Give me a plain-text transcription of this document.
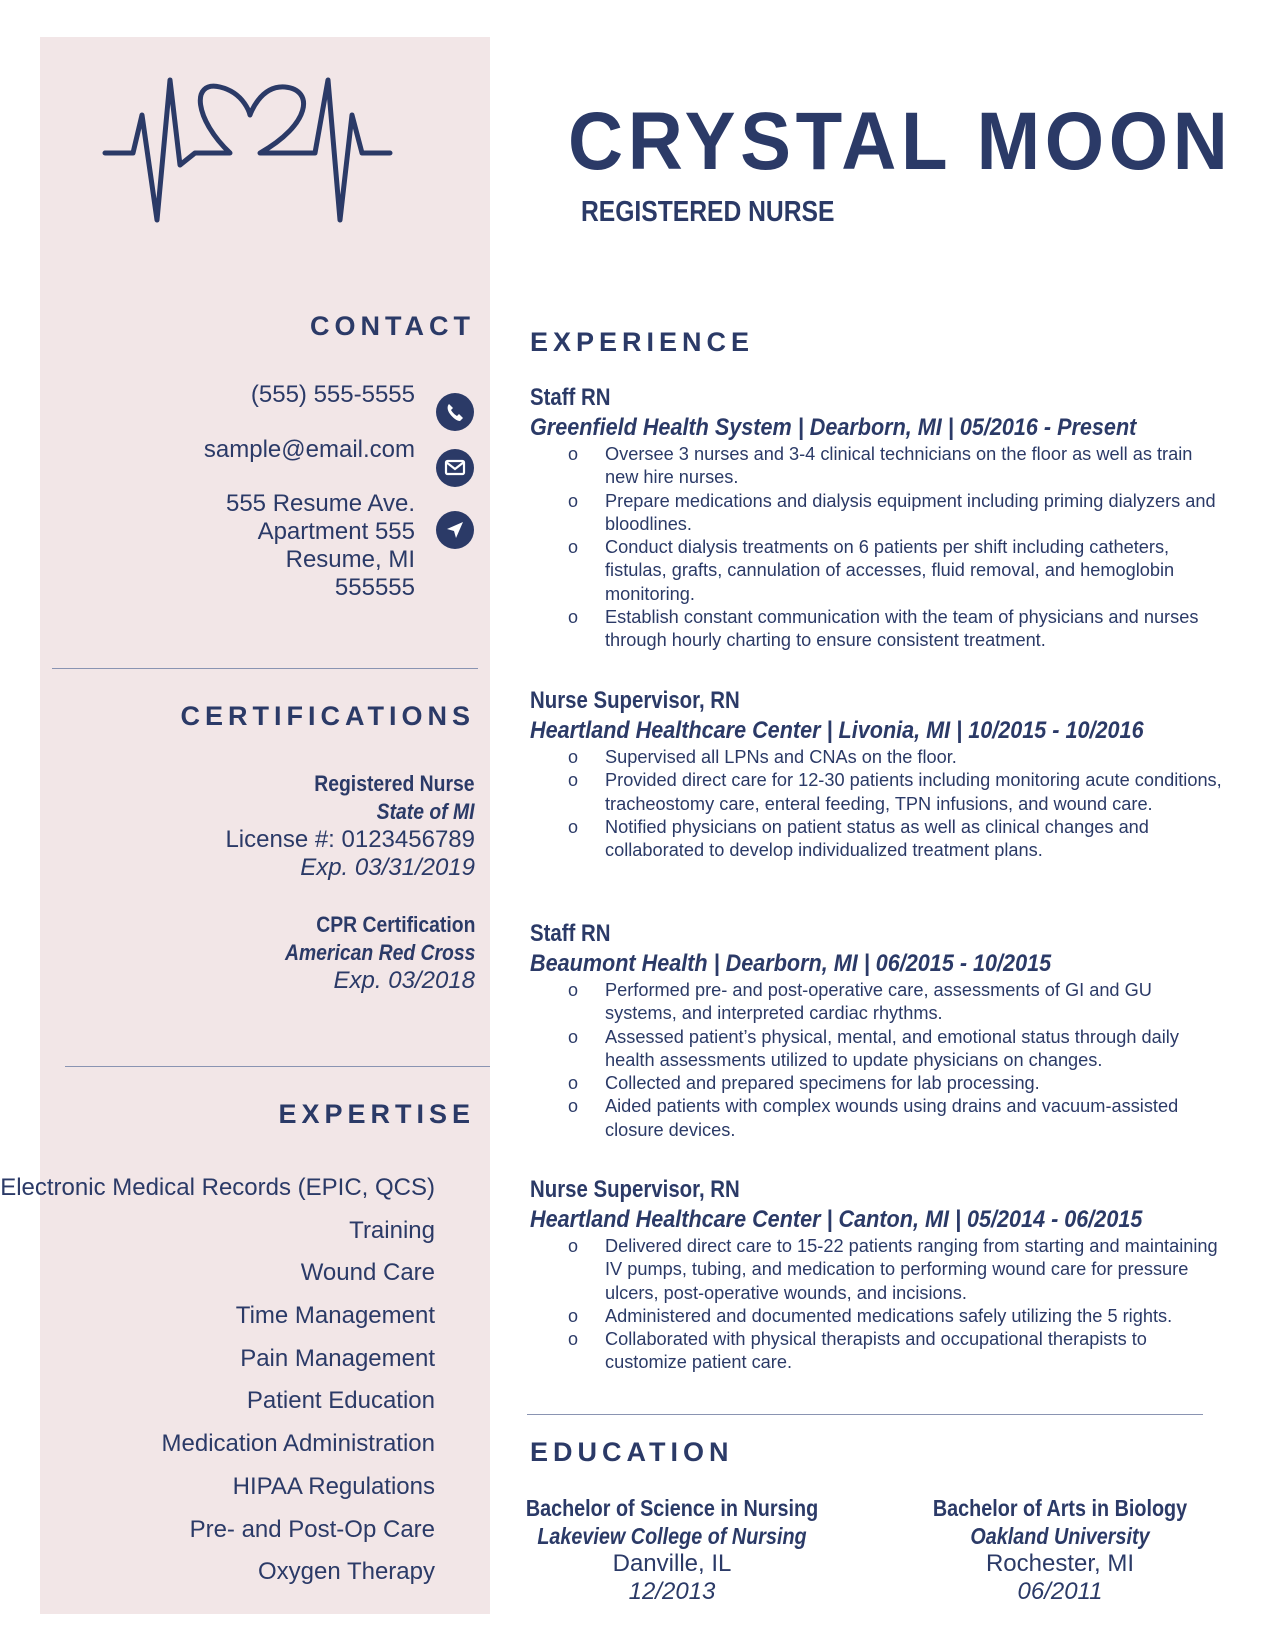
CONTACT
(555) 555-5555
sample@email.com
555 Resume Ave.
Apartment 555
Resume, MI
555555
CERTIFICATIONS
Registered Nurse
State of MI
License #: 0123456789
Exp. 03/31/2019
CPR Certification
American Red Cross
Exp. 03/2018
EXPERTISE
Electronic Medical Records (EPIC, QCS)
Training
Wound Care
Time Management
Pain Management
Patient Education
Medication Administration
HIPAA Regulations
Pre- and Post-Op Care
Oxygen Therapy
CRYSTAL MOON
REGISTERED NURSE
EXPERIENCE
Staff RN
Greenfield Health System | Dearborn, MI | 05/2016 - Present
o Oversee 3 nurses and 3-4 clinical technicians on the floor as well as train new hire nurses.
o Prepare medications and dialysis equipment including priming dialyzers and bloodlines.
o Conduct dialysis treatments on 6 patients per shift including catheters, fistulas, grafts, cannulation of accesses, fluid removal, and hemoglobin monitoring.
o Establish constant communication with the team of physicians and nurses through hourly charting to ensure consistent treatment.
Nurse Supervisor, RN
Heartland Healthcare Center | Livonia, MI | 10/2015 - 10/2016
o Supervised all LPNs and CNAs on the floor.
o Provided direct care for 12-30 patients including monitoring acute conditions, tracheostomy care, enteral feeding, TPN infusions, and wound care.
o Notified physicians on patient status as well as clinical changes and collaborated to develop individualized treatment plans.
Staff RN
Beaumont Health | Dearborn, MI | 06/2015 - 10/2015
o Performed pre- and post-operative care, assessments of GI and GU systems, and interpreted cardiac rhythms.
o Assessed patient’s physical, mental, and emotional status through daily health assessments utilized to update physicians on changes.
o Collected and prepared specimens for lab processing.
o Aided patients with complex wounds using drains and vacuum-assisted closure devices.
Nurse Supervisor, RN
Heartland Healthcare Center | Canton, MI | 05/2014 - 06/2015
o Delivered direct care to 15-22 patients ranging from starting and maintaining IV pumps, tubing, and medication to performing wound care for pressure ulcers, post-operative wounds, and incisions.
o Administered and documented medications safely utilizing the 5 rights.
o Collaborated with physical therapists and occupational therapists to customize patient care.
EDUCATION
Bachelor of Science in Nursing
Lakeview College of Nursing
Danville, IL
12/2013
Bachelor of Arts in Biology
Oakland University
Rochester, MI
06/2011
